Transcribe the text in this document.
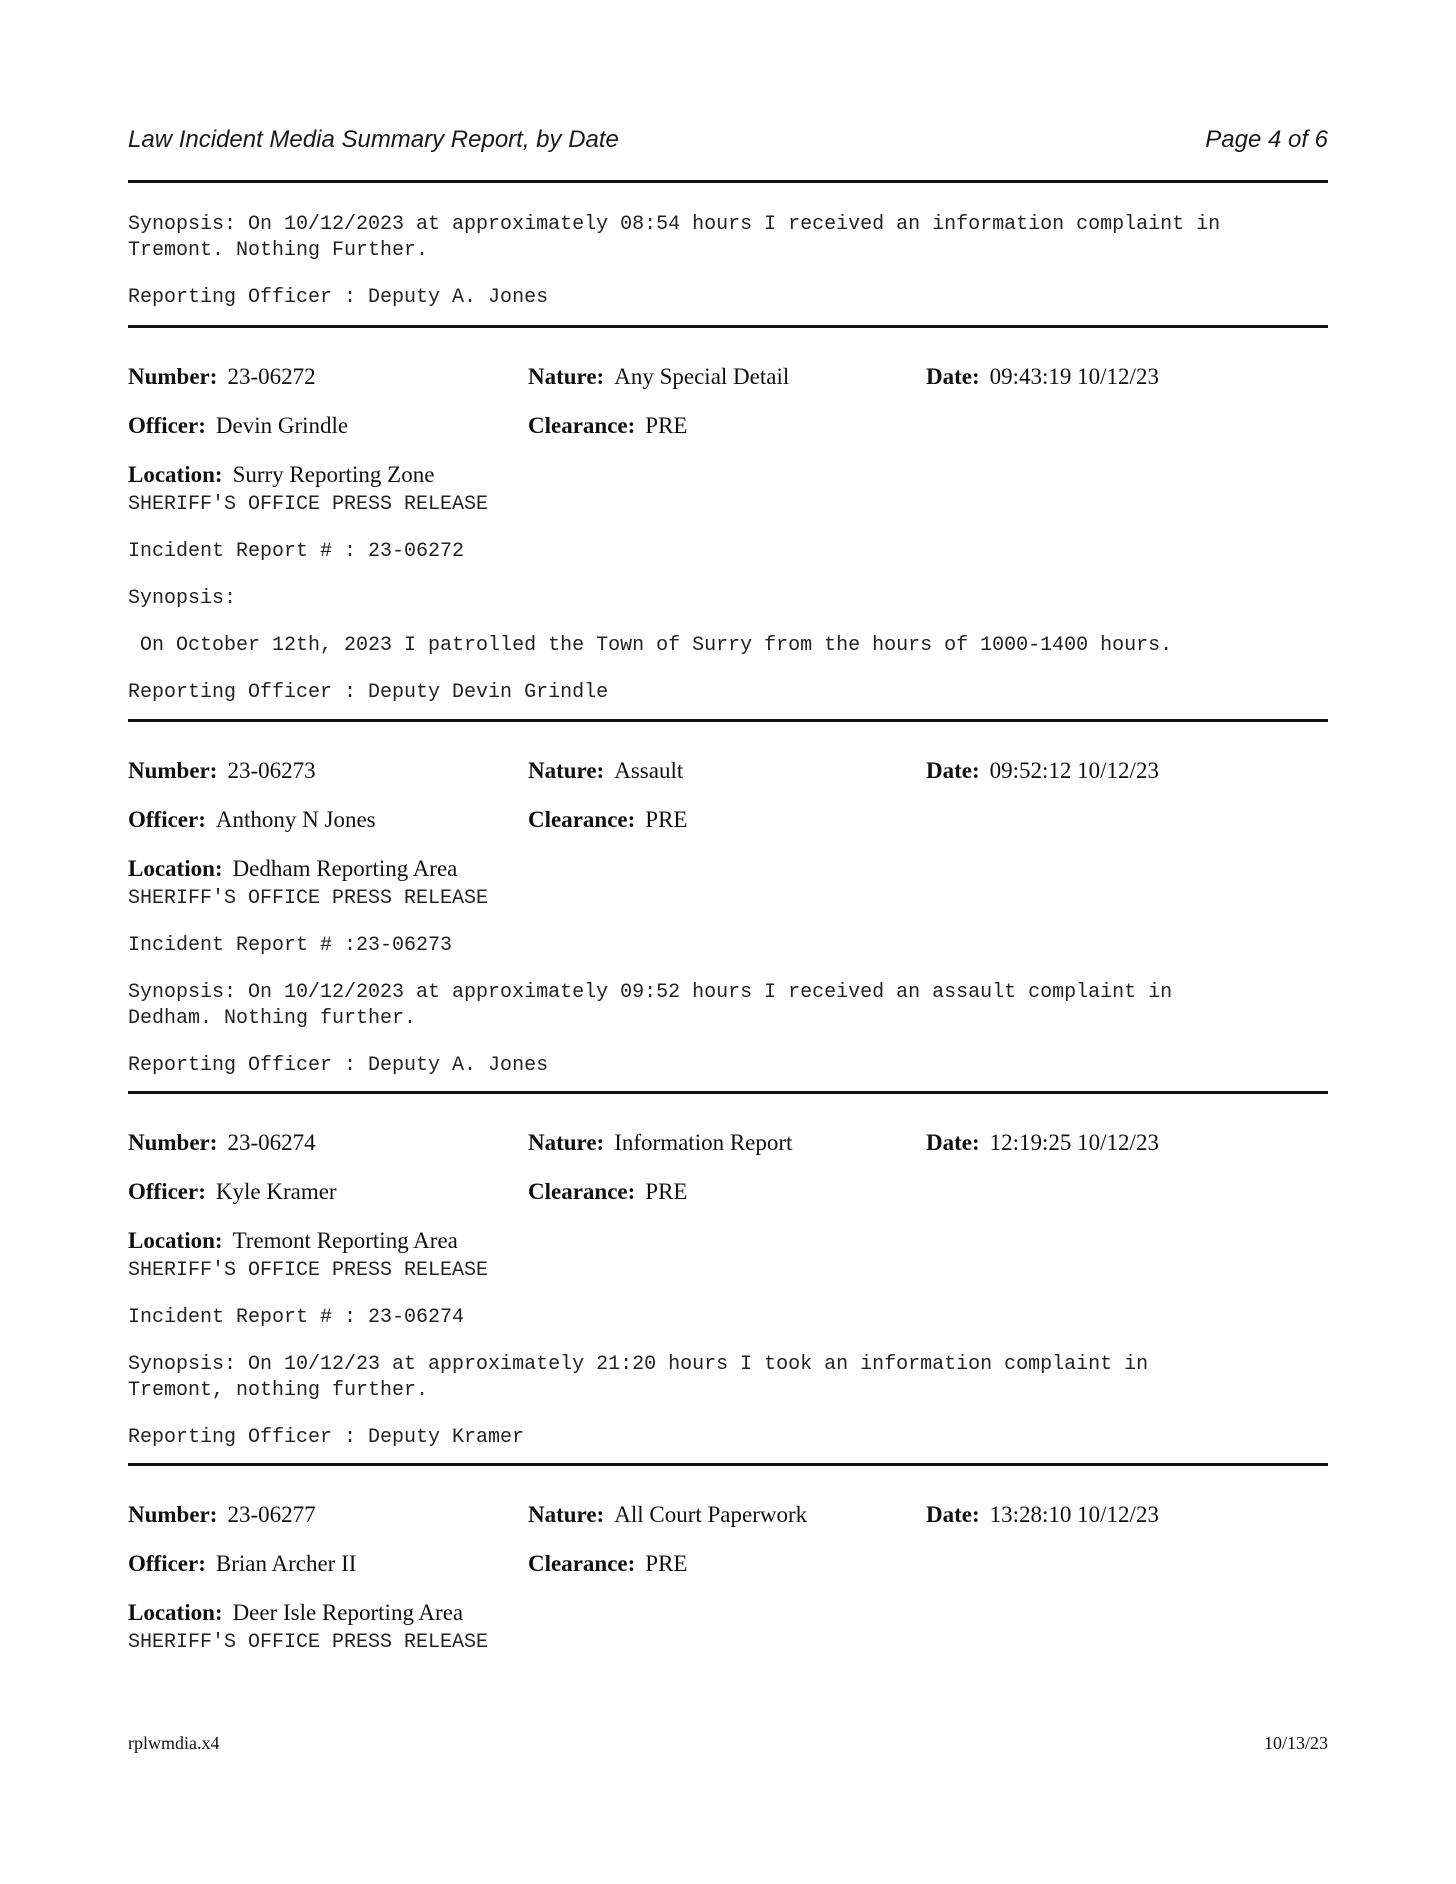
Law Incident Media Summary Report, by Date	Page 4 of 6
Synopsis: On 10/12/2023 at approximately 08:54 hours I received an information complaint in
Tremont. Nothing Further.
Reporting Officer : Deputy A. Jones
Number: 23-06272	Nature: Any Special Detail	Date: 09:43:19 10/12/23
Officer: Devin Grindle	Clearance: PRE
Location: Surry Reporting Zone
SHERIFF'S OFFICE PRESS RELEASE
Incident Report # : 23-06272
Synopsis:
On October 12th, 2023 I patrolled the Town of Surry from the hours of 1000-1400 hours.
Reporting Officer : Deputy Devin Grindle
Number: 23-06273	Nature: Assault	Date: 09:52:12 10/12/23
Officer: Anthony N Jones	Clearance: PRE
Location: Dedham Reporting Area
SHERIFF'S OFFICE PRESS RELEASE
Incident Report # :23-06273
Synopsis: On 10/12/2023 at approximately 09:52 hours I received an assault complaint in
Dedham. Nothing further.
Reporting Officer : Deputy A. Jones
Number: 23-06274	Nature: Information Report	Date: 12:19:25 10/12/23
Officer: Kyle Kramer	Clearance: PRE
Location: Tremont Reporting Area
SHERIFF'S OFFICE PRESS RELEASE
Incident Report # : 23-06274
Synopsis: On 10/12/23 at approximately 21:20 hours I took an information complaint in
Tremont, nothing further.
Reporting Officer : Deputy Kramer
Number: 23-06277	Nature: All Court Paperwork	Date: 13:28:10 10/12/23
Officer: Brian Archer II	Clearance: PRE
Location: Deer Isle Reporting Area
SHERIFF'S OFFICE PRESS RELEASE
rplwmdia.x4	10/13/23
